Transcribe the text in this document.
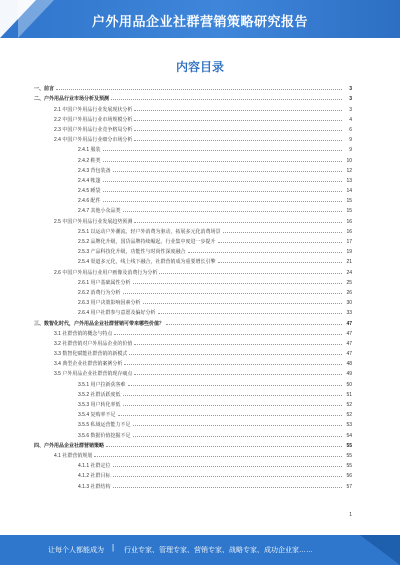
户外用品企业社群营销策略研究报告
内容目录
一、前言	3
二、户外用品行业市场分析及预测	3
2.1 中国户外用品行业发展现状分析	3
2.2 中国户外用品行业市场规模分析	4
2.3 中国户外用品行业竞争格局分析	6
2.4 中国户外用品行业细分市场分析	9
2.4.1 服装	9
2.4.2 鞋类	10
2.4.3 背包装备	12
2.4.4 帐篷	13
2.4.5 睡袋	14
2.4.6 配件	15
2.4.7 其他小众品类	15
2.5 中国户外用品行业发展趋势预测	16
2.5.1 以运动户外潮流、轻户外消费为驱动，拓展多元化消费场景	16
2.5.2 品牌化升级，国货品牌持续崛起，行业集中度进一步提升	17
2.5.3 产品科技化升级，功能性与时尚性深度融合	19
2.5.4 渠道多元化，线上线下融合，社群营销成为重要增长引擎	21
2.6 中国户外用品行业用户画像及消费行为分析	24
2.6.1 用户基础属性分析	25
2.6.2 消费行为分析	26
2.6.3 用户决策影响因素分析	30
2.6.4 用户社群参与意愿及偏好分析	33
三、数智化时代，户外用品企业社群营销可带来哪些价值？	47
3.1 社群营销的概念与特点	47
3.2 社群营销对户外用品企业的价值	47
3.3 数智化赋能社群营销的新模式	47
3.4 典型企业社群营销案例分析	48
3.5 户外用品企业社群营销现存痛点	49
3.5.1 用户拉新获客难	50
3.5.2 社群活跃度低	51
3.5.3 用户转化率低	52
3.5.4 复购率不足	52
3.5.5 私域运营能力不足	53
3.5.6 数据价值挖掘不足	54
四、户外用品企业社群营销策略	55
4.1 社群营销规划	55
4.1.1 社群定位	55
4.1.2 社群目标	56
4.1.3 社群结构	57
1
让每个人都能成为 | 行业专家、管理专家、营销专家、战略专家、成功企业家……
